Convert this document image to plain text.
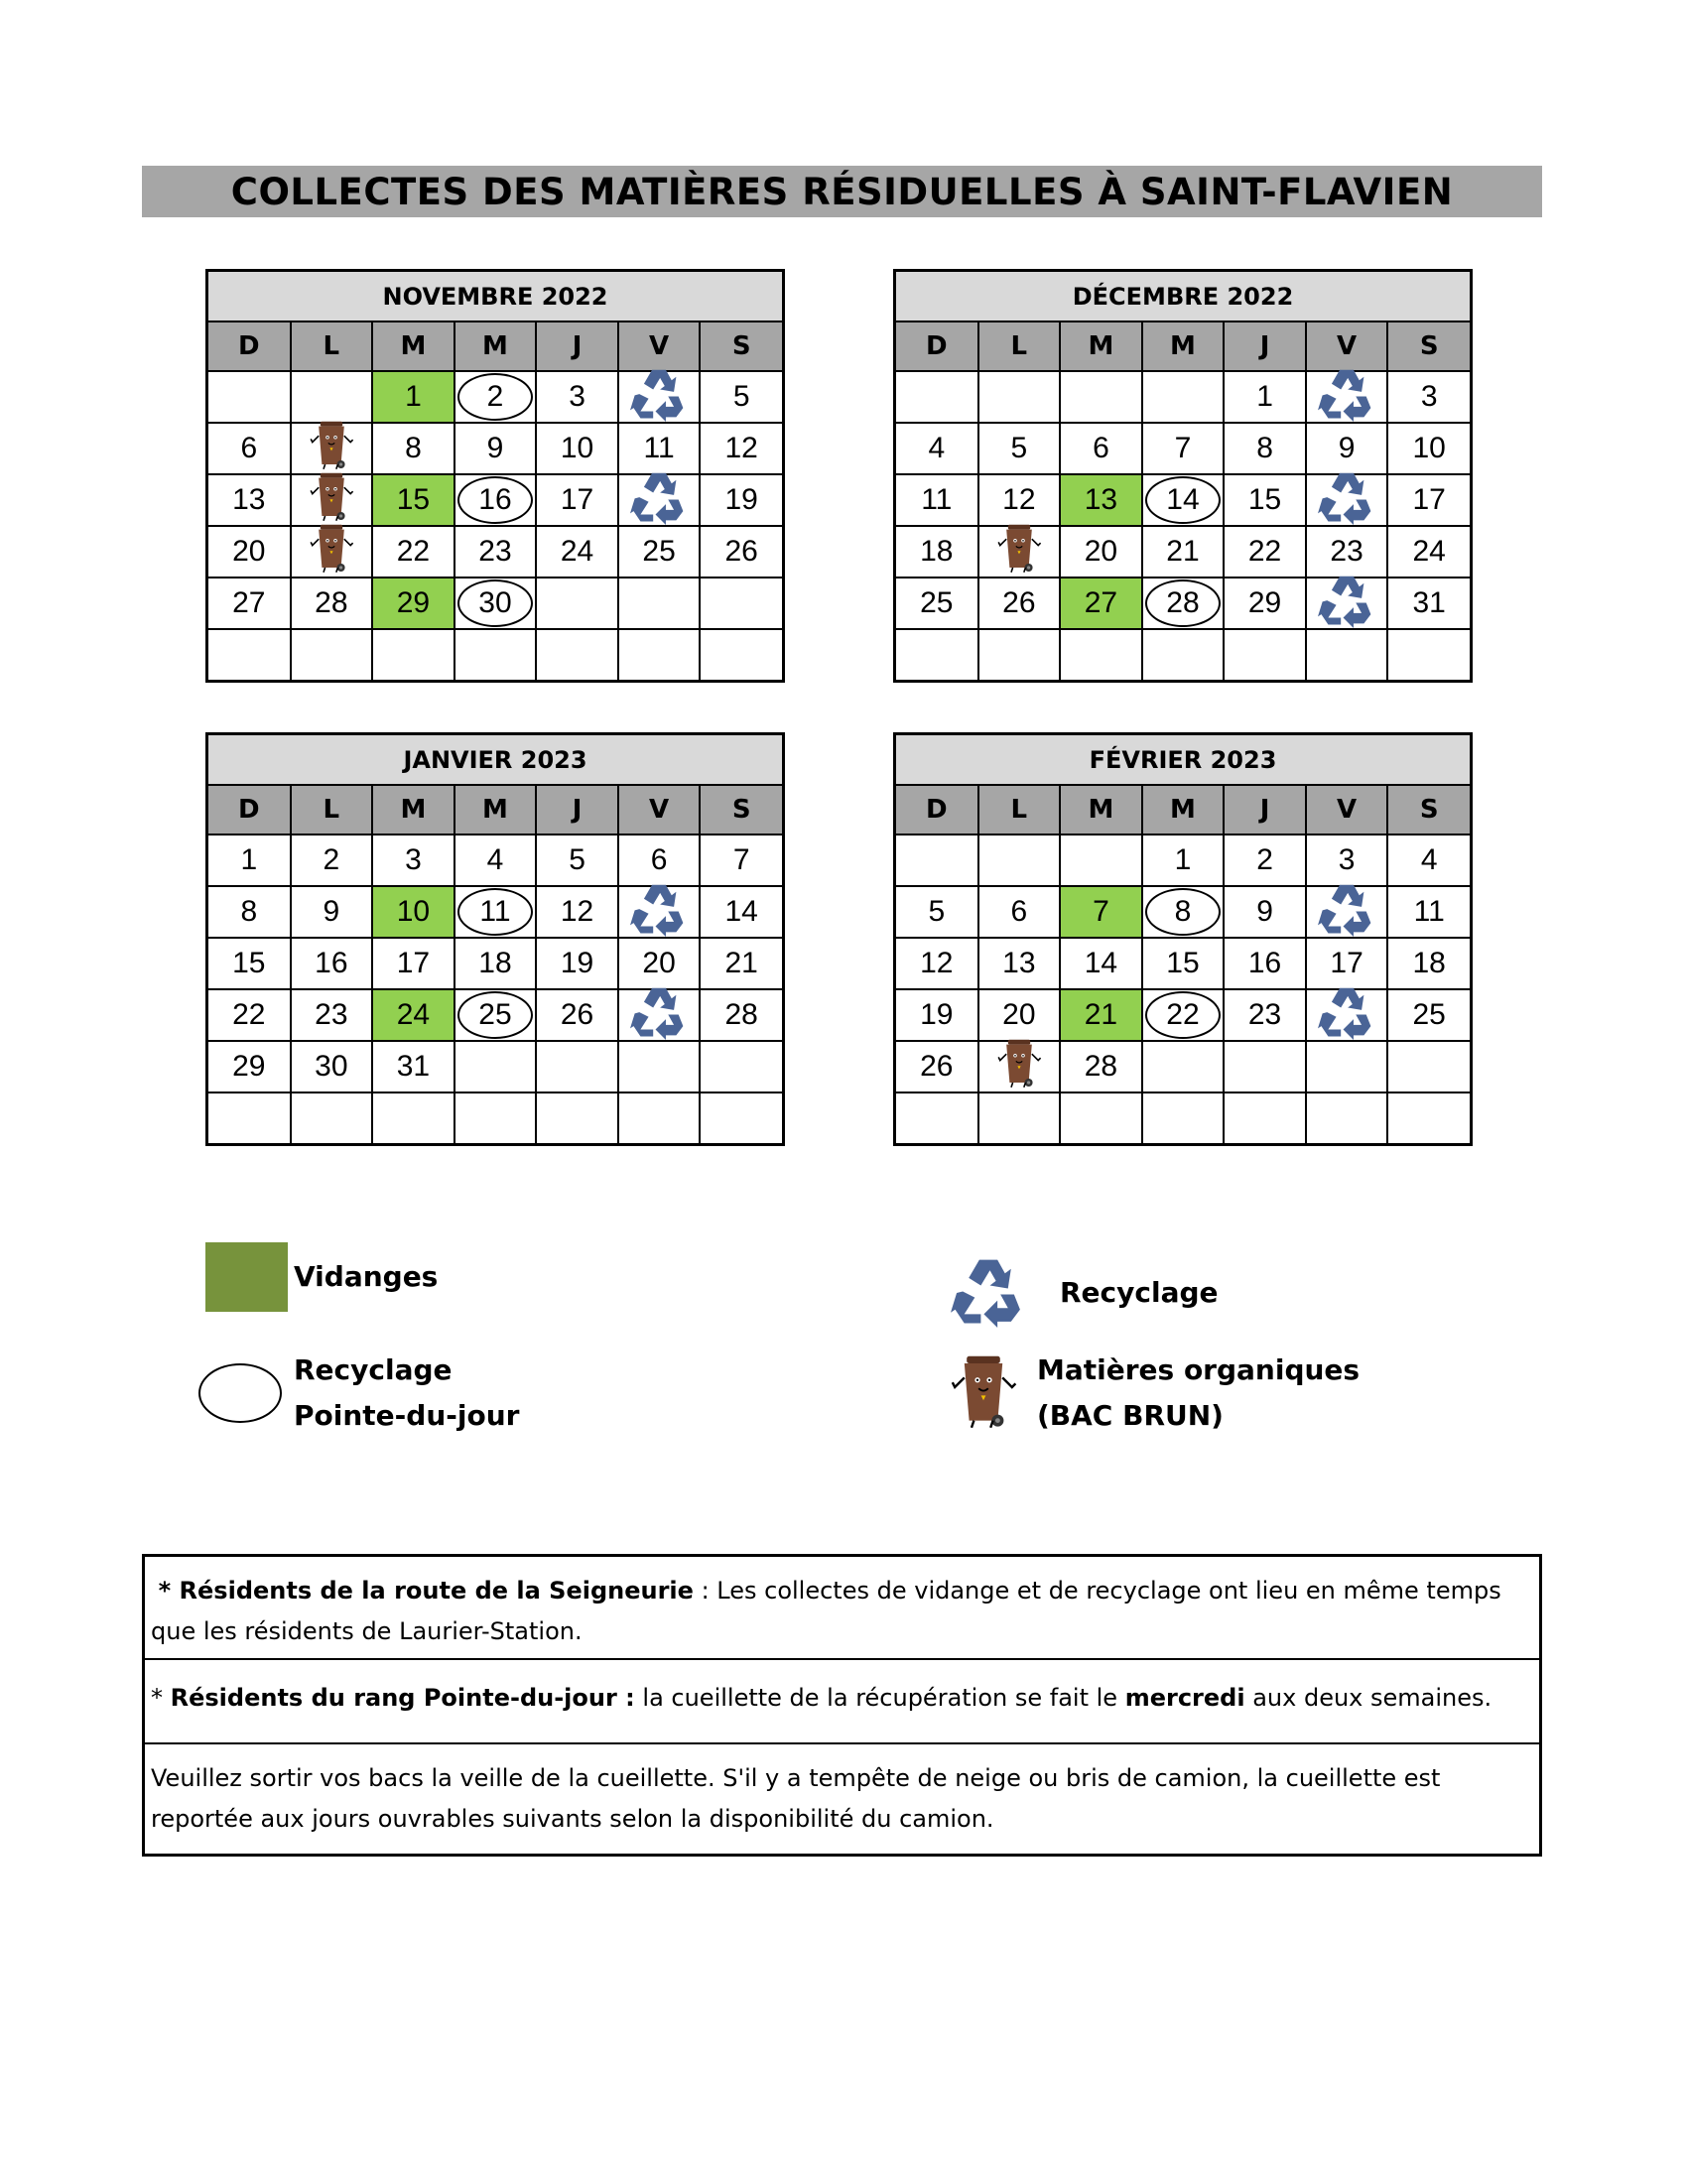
COLLECTES DES MATIÈRES RÉSIDUELLES À SAINT-FLAVIEN
NOVEMBRE 2022
D	L	M	M	J	V	S
		1	2	3		5
6		8	9	10	11	12
13		15	16	17		19
20		22	23	24	25	26
27	28	29	30			

DÉCEMBRE 2022
D	L	M	M	J	V	S
				1		3
4	5	6	7	8	9	10
11	12	13	14	15		17
18		20	21	22	23	24
25	26	27	28	29		31

JANVIER 2023
D	L	M	M	J	V	S
1	2	3	4	5	6	7
8	9	10	11	12		14
15	16	17	18	19	20	21
22	23	24	25	26		28
29	30	31				

FÉVRIER 2023
D	L	M	M	J	V	S
			1	2	3	4
5	6	7	8	9		11
12	13	14	15	16	17	18
19	20	21	22	23		25
26		28				

Vidanges	Recyclage
Recyclage
Pointe-du-jour
Matières organiques
(BAC BRUN)
* Résidents de la route de la Seigneurie : Les collectes de vidange et de recyclage ont lieu en même temps que les résidents de Laurier-Station.
* Résidents du rang Pointe-du-jour : la cueillette de la récupération se fait le mercredi aux deux semaines.
Veuillez sortir vos bacs la veille de la cueillette. S'il y a tempête de neige ou bris de camion, la cueillette est reportée aux jours ouvrables suivants selon la disponibilité du camion.
